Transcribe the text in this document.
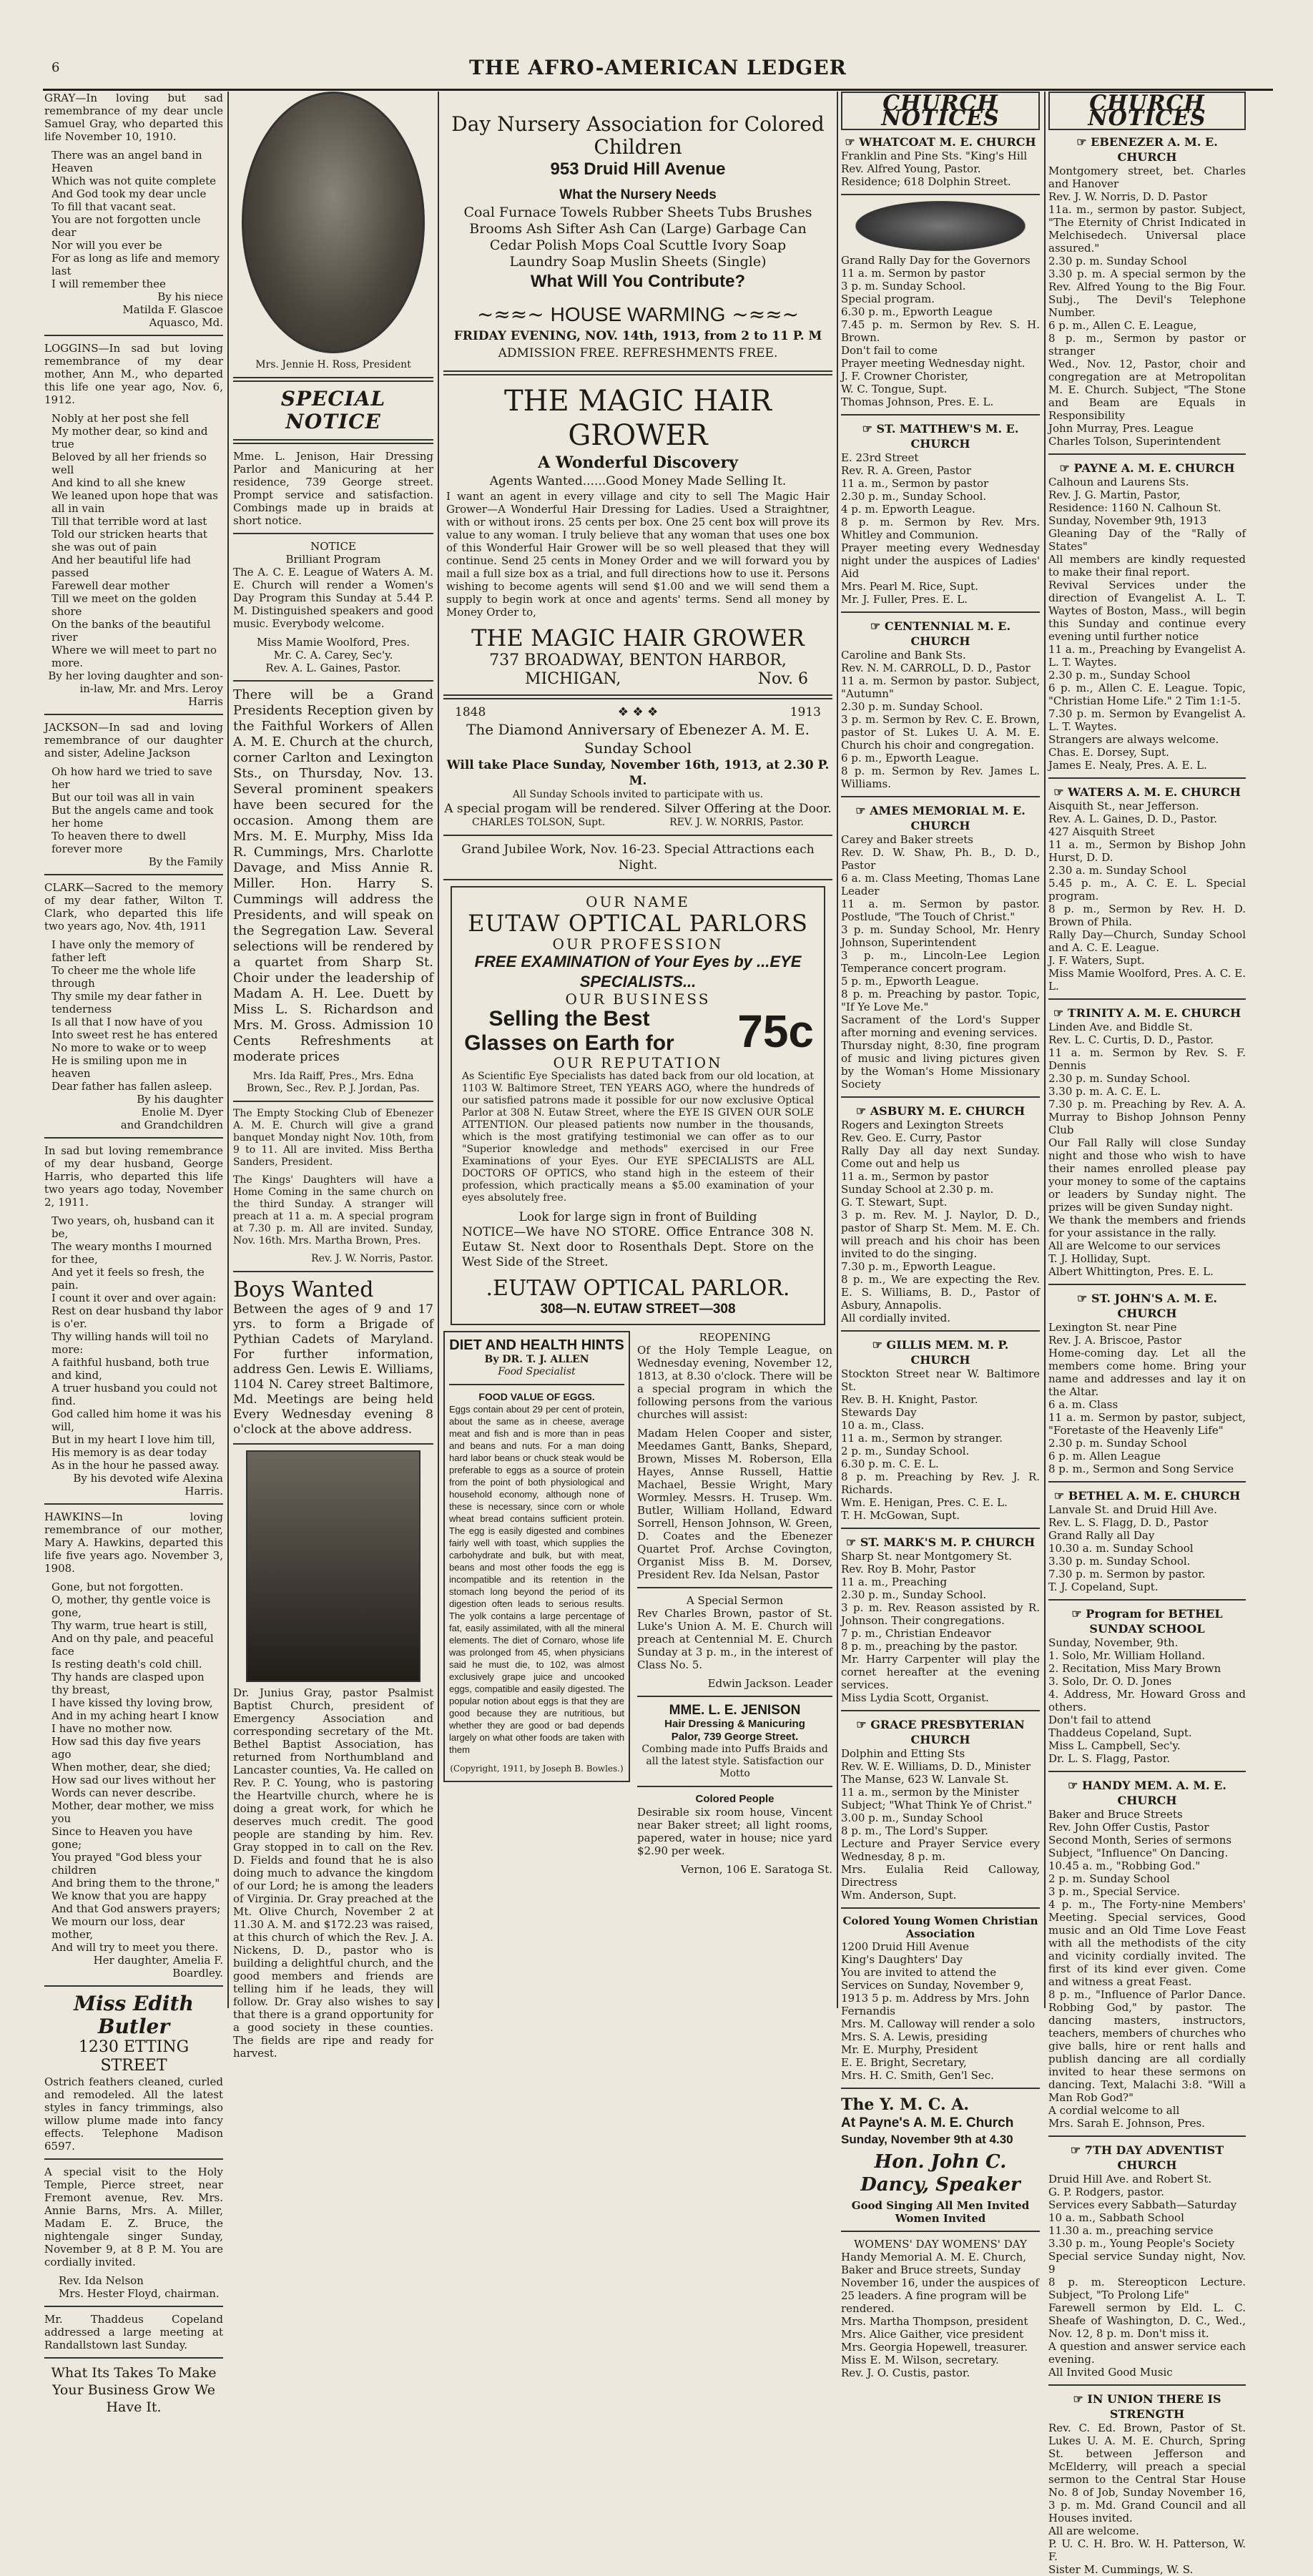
6	THE AFRO-AMERICAN LEDGER

GRAY—In loving but sad remembrance of my dear uncle Samuel Gray, who departed this life November 10, 1910.

There was an angel band in Heaven
Which was not quite complete
And God took my dear uncle
To fill that vacant seat.
You are not forgotten uncle dear
Nor will you ever be
For as long as life and memory last
I will remember thee
By his niece
Matilda F. Glascoe
Aquasco, Md.

LOGGINS—In sad but loving remembrance of my dear mother, Ann M., who departed this life one year ago, Nov. 6, 1912.

Nobly at her post she fell
My mother dear, so kind and true
Beloved by all her friends so well
And kind to all she knew
We leaned upon hope that was all in vain
Till that terrible word at last
Told our stricken hearts that she was out of pain
And her beautiful life had passed
Farewell dear mother
Till we meet on the golden shore
On the banks of the beautiful river
Where we will meet to part no more.
By her loving daughter and son-in-law, Mr. and Mrs. Leroy Harris

JACKSON—In sad and loving remembrance of our daughter and sister, Adeline Jackson

Oh how hard we tried to save her
But our toil was all in vain
But the angels came and took her home
To heaven there to dwell forever more
By the Family

CLARK—Sacred to the memory of my dear father, Wilton T. Clark, who departed this life two years ago, Nov. 4th, 1911

I have only the memory of father left
To cheer me the whole life through
Thy smile my dear father in tenderness
Is all that I now have of you
Into sweet rest he has entered
No more to wake or to weep
He is smiling upon me in heaven
Dear father has fallen asleep.
By his daughter
Enolie M. Dyer
and Grandchildren

In sad but loving remembrance of my dear husband, George Harris, who departed this life two years ago today, November 2, 1911.

Two years, oh, husband can it be,
The weary months I mourned for thee,
And yet it feels so fresh, the pain.
I count it over and over again:
Rest on dear husband thy labor is o'er.
Thy willing hands will toil no more:
A faithful husband, both true and kind,
A truer husband you could not find.
God called him home it was his will,
But in my heart I love him till,
His memory is as dear today
As in the hour he passed away.
By his devoted wife Alexina Harris.

HAWKINS—In loving remembrance of our mother, Mary A. Hawkins, departed this life five years ago. November 3, 1908.

Gone, but not forgotten.
O, mother, thy gentle voice is gone,
Thy warm, true heart is still,
And on thy pale, and peaceful face
Is resting death's cold chill.
Thy hands are clasped upon thy breast,
I have kissed thy loving brow,
And in my aching heart I know
I have no mother now.
How sad this day five years ago
When mother, dear, she died;
How sad our lives without her
Words can never describe.
Mother, dear mother, we miss you
Since to Heaven you have gone;
You prayed "God bless your children
And bring them to the throne,"
We know that you are happy
And that God answers prayers;
We mourn our loss, dear mother,
And will try to meet you there.
Her daughter, Amelia F. Boardley.
Miss Edith Butler
1230 ETTING STREET

Ostrich feathers cleaned, curled and remodeled. All the latest styles in fancy trimmings, also willow plume made into fancy effects. Telephone Madison 6597.

A special visit to the Holy Temple, Pierce street, near Fremont avenue, Rev. Mrs. Annie Barns, Mrs. A. Miller, Madam E. Z. Bruce, the nightengale singer Sunday, November 9, at 8 P. M. You are cordially invited.

Rev. Ida Nelson
Mrs. Hester Floyd, chairman.

Mr. Thaddeus Copeland addressed a large meeting at Randallstown last Sunday.

What Its Takes To Make Your Business Grow We Have It.
Mrs. Jennie H. Ross, President
SPECIAL NOTICE

Mme. L. Jenison, Hair Dressing Parlor and Manicuring at her residence, 739 George street. Prompt service and satisfaction. Combings made up in braids at short notice.

NOTICE
Brilliant Program

The A. C. E. League of Waters A. M. E. Church will render a Women's Day Program this Sunday at 5.44 P. M. Distinguished speakers and good music. Everybody welcome.

Miss Mamie Woolford, Pres.
Mr. C. A. Carey, Sec'y.
Rev. A. L. Gaines, Pastor.

There will be a Grand Presidents Reception given by the Faithful Workers of Allen A. M. E. Church at the church, corner Carlton and Lexington Sts., on Thursday, Nov. 13. Several prominent speakers have been secured for the occasion. Among them are Mrs. M. E. Murphy, Miss Ida R. Cummings, Mrs. Charlotte Davage, and Miss Annie R. Miller. Hon. Harry S. Cummings will address the Presidents, and will speak on the Segregation Law. Several selections will be rendered by a quartet from Sharp St. Choir under the leadership of Madam A. H. Lee. Duett by Miss L. S. Richardson and Mrs. M. Gross. Admission 10 Cents Refreshments at moderate prices

Mrs. Ida Raiff, Pres., Mrs. Edna Brown, Sec., Rev. P. J. Jordan, Pas.

The Empty Stocking Club of Ebenezer A. M. E. Church will give a grand banquet Monday night Nov. 10th, from 9 to 11. All are invited. Miss Bertha Sanders, President.

The Kings' Daughters will have a Home Coming in the same church on the third Sunday. A stranger will preach at 11 a. m. A special program at 7.30 p. m. All are invited. Sunday, Nov. 16th. Mrs. Martha Brown, Pres.

Rev. J. W. Norris, Pastor.
Boys Wanted

Between the ages of 9 and 17 yrs. to form a Brigade of Pythian Cadets of Maryland. For further information, address Gen. Lewis E. Williams, 1104 N. Carey street Baltimore, Md. Meetings are being held Every Wednesday evening 8 o'clock at the above address.

Dr. Junius Gray, pastor Psalmist Baptist Church, president of Emergency Association and corresponding secretary of the Mt. Bethel Baptist Association, has returned from Northumbland and Lancaster counties, Va. He called on Rev. P. C. Young, who is pastoring the Heartville church, where he is doing a great work, for which he deserves much credit. The good people are standing by him. Rev. Gray stopped in to call on the Rev. D. Fields and found that he is also doing much to advance the kingdom of our Lord; he is among the leaders of Virginia. Dr. Gray preached at the Mt. Olive Church, November 2 at 11.30 A. M. and $172.23 was raised, at this church of which the Rev. J. A. Nickens, D. D., pastor who is building a delightful church, and the good members and friends are telling him if he leads, they will follow. Dr. Gray also wishes to say that there is a grand opportunity for a good society in these counties. The fields are ripe and ready for harvest.

Day Nursery Association for Colored Children
953 Druid Hill Avenue
What the Nursery Needs
Coal Furnace Towels Rubber Sheets Tubs Brushes
Brooms Ash Sifter Ash Can (Large) Garbage Can
Cedar Polish Mops Coal Scuttle Ivory Soap
Laundry Soap Muslin Sheets (Single)
What Will You Contribute?
~≈≈~ HOUSE WARMING ~≈≈~
FRIDAY EVENING, NOV. 14th, 1913, from 2 to 11 P. M
ADMISSION FREE. REFRESHMENTS FREE.
THE MAGIC HAIR GROWER
A Wonderful Discovery
Agents Wanted......Good Money Made Selling It.

I want an agent in every village and city to sell The Magic Hair Grower—A Wonderful Hair Dressing for Ladies. Used a Straightner, with or without irons. 25 cents per box. One 25 cent box will prove its value to any woman. I truly believe that any woman that uses one box of this Wonderful Hair Grower will be so well pleased that they will continue. Send 25 cents in Money Order and we will forward you by mail a full size box as a trial, and full directions how to use it. Persons wishing to become agents will send $1.00 and we will send them a supply to begin work at once and agents' terms. Send all money by Money Order to,

THE MAGIC HAIR GROWER
737 BROADWAY, BENTON HARBOR,
MICHIGAN,	Nov. 6
1848	❖ ❖ ❖	1913
The Diamond Anniversary of Ebenezer A. M. E. Sunday School
Will take Place Sunday, November 16th, 1913, at 2.30 P. M.
All Sunday Schools invited to participate with us.
A special progam will be rendered. Silver Offering at the Door.
CHARLES TOLSON, Supt.	REV. J. W. NORRIS, Pastor.
Grand Jubilee Work, Nov. 16-23. Special Attractions each Night.
OUR NAME
EUTAW OPTICAL PARLORS
OUR PROFESSION
FREE EXAMINATION of Your Eyes by ...EYE SPECIALISTS...
OUR BUSINESS
Selling the Best Glasses on Earth for 75c
OUR REPUTATION

As Scientific Eye Specialists has dated back from our old location, at 1103 W. Baltimore Street, TEN YEARS AGO, where the hundreds of our satisfied patrons made it possible for our now exclusive Optical Parlor at 308 N. Eutaw Street, where the EYE IS GIVEN OUR SOLE ATTENTION. Our pleased patients now number in the thousands, which is the most gratifying testimonial we can offer as to our "Superior knowledge and methods" exercised in our Free Examinations of your Eyes. Our EYE SPECIALISTS are ALL DOCTORS OF OPTICS, who stand high in the esteem of their profession, which practically means a $5.00 examination of your eyes absolutely free.

Look for large sign in front of Building

NOTICE—We have NO STORE. Office Entrance 308 N. Eutaw St. Next door to Rosenthals Dept. Store on the West Side of the Street.

.EUTAW OPTICAL PARLOR.
308—N. EUTAW STREET—308
DIET AND HEALTH HINTS
By DR. T. J. ALLEN
Food Specialist
FOOD VALUE OF EGGS.

Eggs contain about 29 per cent of protein, about the same as in cheese, average meat and fish and is more than in peas and beans and nuts. For a man doing hard labor beans or chuck steak would be preferable to eggs as a source of protein from the point of both physiological and household economy, although none of these is necessary, since corn or whole wheat bread contains sufficient protein. The egg is easily digested and combines fairly well with toast, which supplies the carbohydrate and bulk, but with meat, beans and most other foods the egg is incompatible and its retention in the stomach long beyond the period of its digestion often leads to serious results. The yolk contains a large percentage of fat, easily assimilated, with all the mineral elements. The diet of Cornaro, whose life was prolonged from 45, when physicians said he must die, to 102, was almost exclusively grape juice and uncooked eggs, compatible and easily digested. The popular notion about eggs is that they are good because they are nutritious, but whether they are good or bad depends largely on what other foods are taken with them

(Copyright, 1911, by Joseph B. Bowles.)
REOPENING

Of the Holy Temple League, on Wednesday evening, November 12, 1813, at 8.30 o'clock. There will be a special program in which the following persons from the various churches will assist:

Madam Helen Cooper and sister, Meedames Gantt, Banks, Shepard, Brown, Misses M. Roberson, Ella Hayes, Annse Russell, Hattie Machael, Bessie Wright, Mary Wormley. Messrs. H. Trusep. Wm. Butler, William Holland, Edward Sorrell, Henson Johnson, W. Green, D. Coates and the Ebenezer Quartet Prof. Archse Covington, Organist Miss B. M. Dorsev, President Rev. Ida Nelsan, Pastor

A Special Sermon

Rev Charles Brown, pastor of St. Luke's Union A. M. E. Church will preach at Centennial M. E. Church Sunday at 3 p. m., in the interest of Class No. 5.

Edwin Jackson. Leader
MME. L. E. JENISON
Hair Dressing & Manicuring
Palor, 739 George Street.
Combing made into Puffs Braids and all the latest style. Satisfaction our Motto
Colored People

Desirable six room house, Vincent near Baker street; all light rooms, papered, water in house; nice yard $2.90 per week.

Vernon, 106 E. Saratoga St.
CHURCH NOTICES
☞ WHATCOAT M. E. CHURCH
Franklin and Pine Sts. "King's Hill
Rev. Alfred Young, Pastor.
Residence; 618 Dolphin Street.
Grand Rally Day for the Governors
11 a. m. Sermon by pastor
3 p. m. Sunday School.
Special program.
6.30 p. m., Epworth League
7.45 p. m. Sermon by Rev. S. H. Brown.
Don't fail to come
Prayer meeting Wednesday night.
J. F. Crowner Chorister,
W. C. Tongue, Supt.
Thomas Johnson, Pres. E. L.
☞ ST. MATTHEW'S M. E. CHURCH
E. 23rd Street
Rev. R. A. Green, Pastor
11 a. m., Sermon by pastor
2.30 p. m., Sunday School.
4 p. m. Epworth League.
8 p. m. Sermon by Rev. Mrs. Whitley and Communion.
Prayer meeting every Wednesday night under the auspices of Ladies' Aid
Mrs. Pearl M. Rice, Supt.
Mr. J. Fuller, Pres. E. L.
☞ CENTENNIAL M. E. CHURCH
Caroline and Bank Sts.
Rev. N. M. CARROLL, D. D., Pastor
11 a. m. Sermon by pastor. Subject, "Autumn"
2.30 p. m. Sunday School.
3 p. m. Sermon by Rev. C. E. Brown, pastor of St. Lukes U. A. M. E. Church his choir and congregation.
6 p. m., Epworth League.
8 p. m. Sermon by Rev. James L. Williams.
☞ AMES MEMORIAL M. E. CHURCH
Carey and Baker streets
Rev. D. W. Shaw, Ph. B., D. D., Pastor
6 a. m. Class Meeting, Thomas Lane Leader
11 a. m. Sermon by pastor. Postlude, "The Touch of Christ."
3 p. m. Sunday School, Mr. Henry Johnson, Superintendent
3 p. m., Lincoln-Lee Legion Temperance concert program.
5 p. m., Epworth League.
8 p. m. Preaching by pastor. Topic, "If Ye Love Me."
Sacrament of the Lord's Supper after morning and evening services.
Thursday night, 8:30, fine program of music and living pictures given by the Woman's Home Missionary Society
☞ ASBURY M. E. CHURCH
Rogers and Lexington Streets
Rev. Geo. E. Curry, Pastor
Rally Day all day next Sunday. Come out and help us
11 a. m., Sermon by pastor
Sunday School at 2.30 p. m.
G. T. Stewart, Supt.
3 p. m. Rev. M. J. Naylor, D. D., pastor of Sharp St. Mem. M. E. Ch. will preach and his choir has been invited to do the singing.
7.30 p. m., Epworth League.
8 p. m., We are expecting the Rev. E. S. Williams, B. D., Pastor of Asbury, Annapolis.
All cordially invited.
☞ GILLIS MEM. M. P. CHURCH
Stockton Street near W. Baltimore St.
Rev. B. H. Knight, Pastor.
Stewards Day
10 a. m., Class.
11 a. m., Sermon by stranger.
2 p. m., Sunday School.
6.30 p. m. C. E. L.
8 p. m. Preaching by Rev. J. R. Richards.
Wm. E. Henigan, Pres. C. E. L.
T. H. McGowan, Supt.
☞ ST. MARK'S M. P. CHURCH
Sharp St. near Montgomery St.
Rev. Roy B. Mohr, Pastor
11 a. m., Preaching
2.30 p. m., Sunday School.
3 p. m. Rev. Reason assisted by R. Johnson. Their congregations.
7 p. m., Christian Endeavor
8 p. m., preaching by the pastor.
Mr. Harry Carpenter will play the cornet hereafter at the evening services.
Miss Lydia Scott, Organist.
☞ GRACE PRESBYTERIAN CHURCH
Dolphin and Etting Sts
Rev. W. E. Williams, D. D., Minister
The Manse, 623 W. Lanvale St.
11 a. m., sermon by the Minister
Subject; "What Think Ye of Christ."
3.00 p. m., Sunday School
8 p. m., The Lord's Supper.
Lecture and Prayer Service every Wednesday, 8 p. m.
Mrs. Eulalia Reid Calloway, Directress
Wm. Anderson, Supt.
Colored Young Women Christian Association
1200 Druid Hill Avenue
King's Daughters' Day
You are invited to attend the Services on Sunday, November 9, 1913 5 p. m. Address by Mrs. John Fernandis
Mrs. M. Calloway will render a solo
Mrs. S. A. Lewis, presiding
Mr. E. Murphy, President
E. E. Bright, Secretary,
Mrs. H. C. Smith, Gen'l Sec.
The Y. M. C. A.
At Payne's A. M. E. Church
Sunday, November 9th at 4.30
Hon. John C. Dancy, Speaker
Good Singing All Men Invited
Women Invited
WOMENS' DAY WOMENS' DAY
Handy Memorial A. M. E. Church, Baker and Bruce streets, Sunday November 16, under the auspices of 25 leaders. A fine program will be rendered.
Mrs. Martha Thompson, president
Mrs. Alice Gaither, vice president
Mrs. Georgia Hopewell, treasurer.
Miss E. M. Wilson, secretary.
Rev. J. O. Custis, pastor.
CHURCH NOTICES
☞ EBENEZER A. M. E. CHURCH
Montgomery street, bet. Charles and Hanover
Rev. J. W. Norris, D. D. Pastor
11a. m., sermon by pastor. Subject, "The Eternity of Christ Indicated in Melchisedech. Universal place assured."
2.30 p. m. Sunday School
3.30 p. m. A special sermon by the Rev. Alfred Young to the Big Four. Subj., The Devil's Telephone Number.
6 p. m., Allen C. E. League,
8 p. m., Sermon by pastor or stranger
Wed., Nov. 12, Pastor, choir and congregation are at Metropolitan M. E. Church. Subject, "The Stone and Beam are Equals in Responsibility
John Murray, Pres. League
Charles Tolson, Superintendent
☞ PAYNE A. M. E. CHURCH
Calhoun and Laurens Sts.
Rev. J. G. Martin, Pastor,
Residence: 1160 N. Calhoun St.
Sunday, November 9th, 1913
Gleaning Day of the "Rally of States"
All members are kindly requested to make their final report.
Revival Services under the direction of Evangelist A. L. T. Waytes of Boston, Mass., will begin this Sunday and continue every evening until further notice
11 a. m., Preaching by Evangelist A. L. T. Waytes.
2.30 p. m., Sunday School
6 p. m., Allen C. E. League. Topic, "Christian Home Life." 2 Tim 1:1-5.
7.30 p. m. Sermon by Evangelist A. L. T. Waytes.
Strangers are always welcome.
Chas. E. Dorsey, Supt.
James E. Nealy, Pres. A. E. L.
☞ WATERS A. M. E. CHURCH
Aisquith St., near Jefferson.
Rev. A. L. Gaines, D. D., Pastor.
427 Aisquith Street
11 a. m., Sermon by Bishop John Hurst, D. D.
2.30 a. m. Sunday School
5.45 p. m., A. C. E. L. Special program.
8 p. m., Sermon by Rev. H. D. Brown of Phila.
Rally Day—Church, Sunday School and A. C. E. League.
J. F. Waters, Supt.
Miss Mamie Woolford, Pres. A. C. E. L.
☞ TRINITY A. M. E. CHURCH
Linden Ave. and Biddle St.
Rev. L. C. Curtis, D. D., Pastor.
11 a. m. Sermon by Rev. S. F. Dennis
2.30 p. m. Sunday School.
3.30 p. m. A. C. E. L.
7.30 p. m. Preaching by Rev. A. A. Murray to Bishop Johnson Penny Club
Our Fall Rally will close Sunday night and those who wish to have their names enrolled please pay your money to some of the captains or leaders by Sunday night. The prizes will be given Sunday night.
We thank the members and friends for your assistance in the rally.
All are Welcome to our services
T. J. Holliday, Supt.
Albert Whittington, Pres. E. L.
☞ ST. JOHN'S A. M. E. CHURCH
Lexington St. near Pine
Rev. J. A. Briscoe, Pastor
Home-coming day. Let all the members come home. Bring your name and addresses and lay it on the Altar.
6 a. m. Class
11 a. m. Sermon by pastor, subject, "Foretaste of the Heavenly Life"
2.30 p. m. Sunday School
6 p. m. Allen League
8 p. m., Sermon and Song Service
☞ BETHEL A. M. E. CHURCH
Lanvale St. and Druid Hill Ave.
Rev. L. S. Flagg, D. D., Pastor
Grand Rally all Day
10.30 a. m. Sunday School
3.30 p. m. Sunday School.
7.30 p. m. Sermon by pastor.
T. J. Copeland, Supt.
☞ Program for BETHEL SUNDAY SCHOOL
Sunday, November, 9th.
1. Solo, Mr. William Holland.
2. Recitation, Miss Mary Brown
3. Solo, Dr. O. D. Jones
4. Address, Mr. Howard Gross and others.
Don't fail to attend
Thaddeus Copeland, Supt.
Miss L. Campbell, Sec'y.
Dr. L. S. Flagg, Pastor.
☞ HANDY MEM. A. M. E. CHURCH
Baker and Bruce Streets
Rev. John Offer Custis, Pastor
Second Month, Series of sermons
Subject, "Influence" On Dancing.
10.45 a. m., "Robbing God."
2 p. m. Sunday School
3 p. m., Special Service.
4 p. m., The Forty-nine Members' Meeting. Special services, Good music and an Old Time Love Feast with all the methodists of the city and vicinity cordially invited. The first of its kind ever given. Come and witness a great Feast.
8 p. m., "Influence of Parlor Dance. Robbing God," by pastor. The dancing masters, instructors, teachers, members of churches who give balls, hire or rent halls and publish dancing are all cordially invited to hear these sermons on dancing. Text, Malachi 3:8. "Will a Man Rob God?"
A cordial welcome to all
Mrs. Sarah E. Johnson, Pres.
☞ 7TH DAY ADVENTIST CHURCH
Druid Hill Ave. and Robert St.
G. P. Rodgers, pastor.
Services every Sabbath—Saturday
10 a. m., Sabbath School
11.30 a. m., preaching service
3.30 p. m., Young People's Society
Special service Sunday night, Nov. 9
8 p. m. Stereopticon Lecture. Subject, "To Prolong Life"
Farewell sermon by Eld. L. C. Sheafe of Washington, D. C., Wed., Nov. 12, 8 p. m. Don't miss it.
A question and answer service each evening.
All Invited Good Music
☞ IN UNION THERE IS STRENGTH
Rev. C. Ed. Brown, Pastor of St. Lukes U. A. M. E. Church, Spring St. between Jefferson and McElderry, will preach a special sermon to the Central Star House No. 8 of Job, Sunday November 16, 3 p. m. Md. Grand Council and all Houses invited.
All are welcome.
P. U. C. H. Bro. W. H. Patterson, W. F.
Sister M. Cummings, W. S.
